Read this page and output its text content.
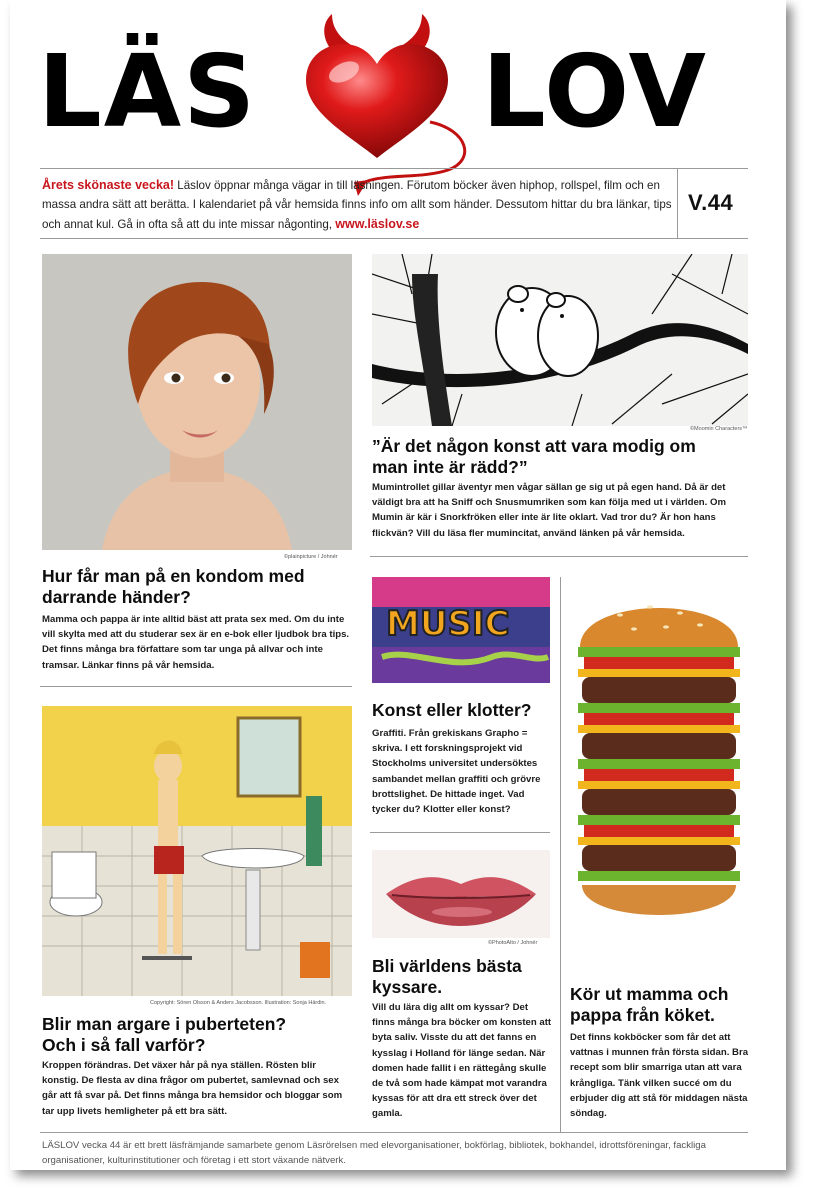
LÄS LOV
Årets skönaste vecka! Läslov öppnar många vägar in till läsningen. Förutom böcker även hiphop, rollspel, film och en massa andra sätt att berätta. I kalendariet på vår hemsida finns info om allt som händer. Dessutom hittar du bra länkar, tips och annat kul. Gå in ofta så att du inte missar någonting, www.läslov.se
V.44
©plainpicture / Johnér
Hur får man på en kondom med
darrande händer?
Mamma och pappa är inte alltid bäst att prata sex med. Om du inte vill skylta med att du studerar sex är en e-bok eller ljudbok bra tips. Det finns många bra författare som tar unga på allvar och inte tramsar. Länkar finns på vår hemsida.
©Moomin Characters™
”Är det någon konst att vara modig om
man inte är rädd?”
Mumintrollet gillar äventyr men vågar sällan ge sig ut på egen hand. Då är det väldigt bra att ha Sniff och Snusmumriken som kan följa med ut i världen. Om Mumin är kär i Snorkfröken eller inte är lite oklart. Vad tror du? Är hon hans flickvän? Vill du läsa fler mumincitat, använd länken på vår hemsida.
MUSIC
Konst eller klotter?
Graffiti. Från grekiskans Grapho = skriva. I ett forskningsprojekt vid Stockholms universitet undersöktes sambandet mellan graffiti och grövre brottslighet. De hittade inget. Vad tycker du? Klotter eller konst?
Copyright: Sören Olsson & Anders Jacobsson. Illustration: Sonja Härdin.
Blir man argare i puberteten?
Och i så fall varför?
Kroppen förändras. Det växer hår på nya ställen. Rösten blir konstig. De flesta av dina frågor om pubertet, samlevnad och sex går att få svar på. Det finns många bra hemsidor och bloggar som tar upp livets hemligheter på ett bra sätt.
©PhotoAlto / Johnér
Bli världens bästa
kyssare.
Vill du lära dig allt om kyssar? Det finns många bra böcker om konsten att byta saliv. Visste du att det fanns en kysslag i Holland för länge sedan. När domen hade fallit i en rättegång skulle de två som hade kämpat mot varandra kyssas för att dra ett streck över det gamla.
Kör ut mamma och
pappa från köket.
Det finns kokböcker som får det att vattnas i munnen från första sidan. Bra recept som blir smarriga utan att vara krångliga. Tänk vilken succé om du erbjuder dig att stå för middagen nästa söndag.
LÄSLOV vecka 44 är ett brett läsfrämjande samarbete genom Läsrörelsen med elevorganisationer, bokförlag, bibliotek, bokhandel, idrottsföreningar, fackliga organisationer, kulturinstitutioner och företag i ett stort växande nätverk.
